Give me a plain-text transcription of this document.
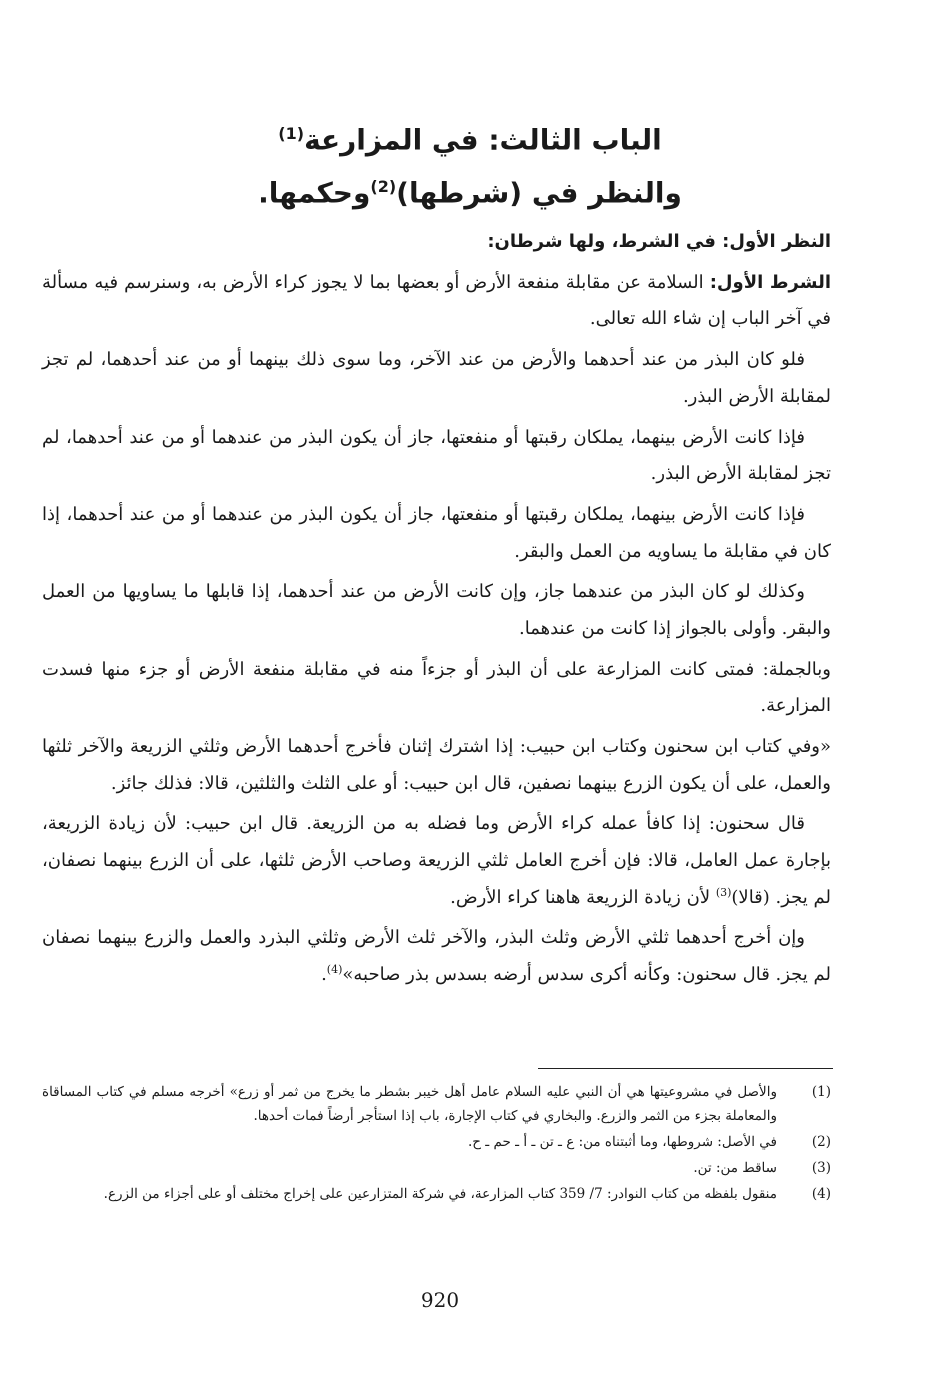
الباب الثالث: في المزارعة$^{(1)}$
والنظر في (شرطها)$^{(2)}$وحكمها.

النظر الأول: في الشرط، ولها شرطان:

الشرط الأول: السلامة عن مقابلة منفعة الأرض أو بعضها بما لا يجوز كراء الأرض به، وسنرسم فيه مسألة في آخر الباب إن شاء الله تعالى.

فلو كان البذر من عند أحدهما والأرض من عند الآخر، وما سوى ذلك بينهما أو من عند أحدهما، لم تجز لمقابلة الأرض البذر.

فإذا كانت الأرض بينهما، يملكان رقبتها أو منفعتها، جاز أن يكون البذر من عندهما أو من عند أحدهما، لم تجز لمقابلة الأرض البذر.

فإذا كانت الأرض بينهما، يملكان رقبتها أو منفعتها، جاز أن يكون البذر من عندهما أو من عند أحدهما، إذا كان في مقابلة ما يساويه من العمل والبقر.

وكذلك لو كان البذر من عندهما جاز، وإن كانت الأرض من عند أحدهما، إذا قابلها ما يساويها من العمل والبقر. وأولى بالجواز إذا كانت من عندهما.

وبالجملة: فمتى كانت المزارعة على أن البذر أو جزءاً منه في مقابلة منفعة الأرض أو جزء منها فسدت المزارعة.

«وفي كتاب ابن سحنون وكتاب ابن حبيب: إذا اشترك إثنان فأخرج أحدهما الأرض وثلثي الزريعة والآخر ثلثها والعمل، على أن يكون الزرع بينهما نصفين، قال ابن حبيب: أو على الثلث والثلثين، قالا: فذلك جائز.

قال سحنون: إذا كافأ عمله كراء الأرض وما فضله به من الزريعة. قال ابن حبيب: لأن زيادة الزريعة، بإجارة عمل العامل، قالا: فإن أخرج العامل ثلثي الزريعة وصاحب الأرض ثلثها، على أن الزرع بينهما نصفان، لم يجز. (قالا)$^{(3)}$ لأن زيادة الزريعة هاهنا كراء الأرض.

وإن أخرج أحدهما ثلثي الأرض وثلث البذر، والآخر ثلث الأرض وثلثي البذرد والعمل والزرع بينهما نصفان لم يجز. قال سحنون: وكأنه أكرى سدس أرضه بسدس بذر صاحبه»$^{(4)}$.

(1)
والأصل في مشروعيتها هي أن النبي عليه السلام عامل أهل خيبر بشطر ما يخرج من ثمر أو زرع» أخرجه مسلم في كتاب المساقاة والمعاملة بجزء من الثمر والزرع. والبخاري في كتاب الإجارة، باب إذا استأجر أرضاً فمات أحدها.
(2)
في الأصل: شروطها، وما أثبتناه من: ع ـ تن ـ أ ـ حم ـ ح.
(3)
ساقط من: تن.
(4)
منقول بلفظه من كتاب النوادر: 7/ 359 كتاب المزارعة، في شركة المتزارعين على إخراج مختلف أو على أجزاء من الزرع.
920
